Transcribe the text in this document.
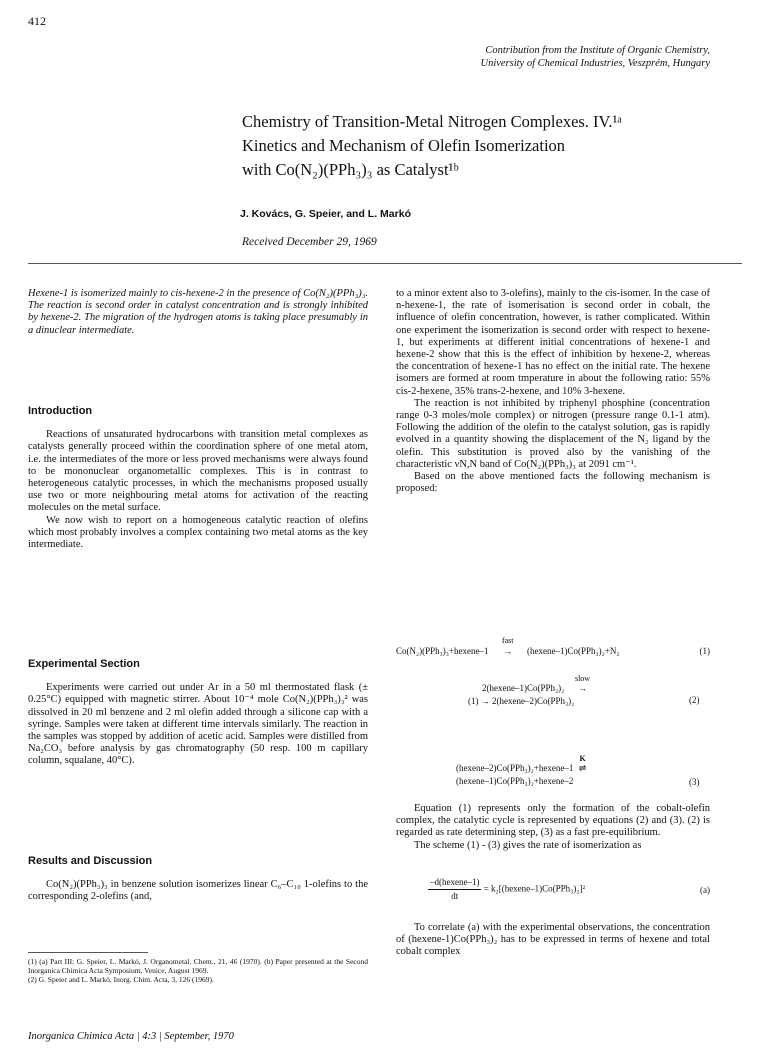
412
Contribution from the Institute of Organic Chemistry,
University of Chemical Industries, Veszprém, Hungary
Chemistry of Transition-Metal Nitrogen Complexes. IV.¹ᵃ
Kinetics and Mechanism of Olefin Isomerization
with Co(N₂)(PPh₃)₃ as Catalyst¹ᵇ
J. Kovács, G. Speier, and L. Markó
Received December 29, 1969
Hexene-1 is isomerized mainly to cis-hexene-2 in the presence of Co(N₂)(PPh₃)₃. The reaction is second order in catalyst concentration and is strongly inhibited by hexene-2. The migration of the hydrogen atoms is taking place presumably in a dinuclear intermediate.
Introduction

Reactions of unsaturated hydrocarbons with transition metal complexes as catalysts generally proceed within the coordination sphere of one metal atom, i.e. the intermediates of the more or less proved mechanisms were always found to be mononuclear organometallic complexes. This is in contrast to heterogeneous catalytic processes, in which the mechanisms proposed usually use two or more neighbouring metal atoms for activation of the reacting molecules on the metal surface.

We now wish to report on a homogeneous catalytic reaction of olefins which most probably involves a complex containing two metal atoms as the key intermediate.

Experimental Section

Experiments were carried out under Ar in a 50 ml thermostated flask (± 0.25°C) equipped with magnetic stirrer. About 10⁻⁴ mole Co(N₂)(PPh₃)₃² was dissolved in 20 ml benzene and 2 ml olefin added through a silicone cap with a syringe. Samples were taken at different time intervals similarly. The reaction in the samples was stopped by addition of acetic acid. Samples were distilled from Na₂CO₃ before analysis by gas chromatography (50 resp. 100 m capillary column, squalane, 40°C).

Results and Discussion

Co(N₂)(PPh₃)₃ in benzene solution isomerizes linear C₆–C₁₀ 1-olefins to the corresponding 2-olefins (and,

(1) (a) Part III: G. Speier, L. Markó, J. Organometal. Chem., 21, 46 (1970). (b) Paper presented at the Second Inorganica Chimica Acta Symposium, Venice, August 1969.

(2) G. Speier and L. Markó, Inorg. Chim. Acta, 3, 126 (1969).

Inorganica Chimica Acta | 4:3 | September, 1970

to a minor extent also to 3-olefins), mainly to the cis-isomer. In the case of n-hexene-1, the rate of isomerisation is second order in cobalt, the influence of olefin concentration, however, is rather complicated. Within one experiment the isomerization is second order with respect to hexene-1, but experiments at different initial concentrations of hexene-1 and hexene-2 show that this is the effect of inhibition by hexene-2, whereas the concentration of hexene-1 has no effect on the initial rate. The hexene isomers are formed at room tmperature in about the following ratio: 55% cis-2-hexene, 35% trans-2-hexene, and 10% 3-hexene.

The reaction is not inhibited by triphenyl phosphine (concentration range 0-3 moles/mole complex) or nitrogen (pressure range 0.1-1 atm). Following the addition of the olefin to the catalyst solution, gas is rapidly evolved in a quantity showing the displacement of the N₂ ligand by the olefin. This substitution is proved also by the vanishing of the characteristic νN,N band of Co(N₂)(PPh₃)₃ at 2091 cm⁻¹.

Based on the above mentioned facts the following mechanism is proposed:

Co(N₂)(PPh₃)₃+hexene–1
fast
→ (hexene–1)Co(PPh₃)₂+N₂	(1)
2(hexene–1)Co(PPh₃)₂
slow
→
(1) → 2(hexene–2)Co(PPh₃)₂	(2)
(hexene–2)Co(PPh₃)₂+hexene–1
K
⇌
(hexene–1)Co(PPh₃)₂+hexene–2	(3)

Equation (1) represents only the formation of the cobalt-olefin complex, the catalytic cycle is represented by equations (2) and (3). (2) is regarded as rate determining step, (3) as a fast pre-equilibrium.

The scheme (1) - (3) gives the rate of isomerization as

$\frac{\text{–d(hexene–1)}}{dt}$ = k₂[(hexene–1)Co(PPh₃)₂]²	(a)

To correlate (a) with the experimental observations, the concentration of (hexene-1)Co(PPh₃)₂ has to be expressed in terms of hexene and total cobalt complex
